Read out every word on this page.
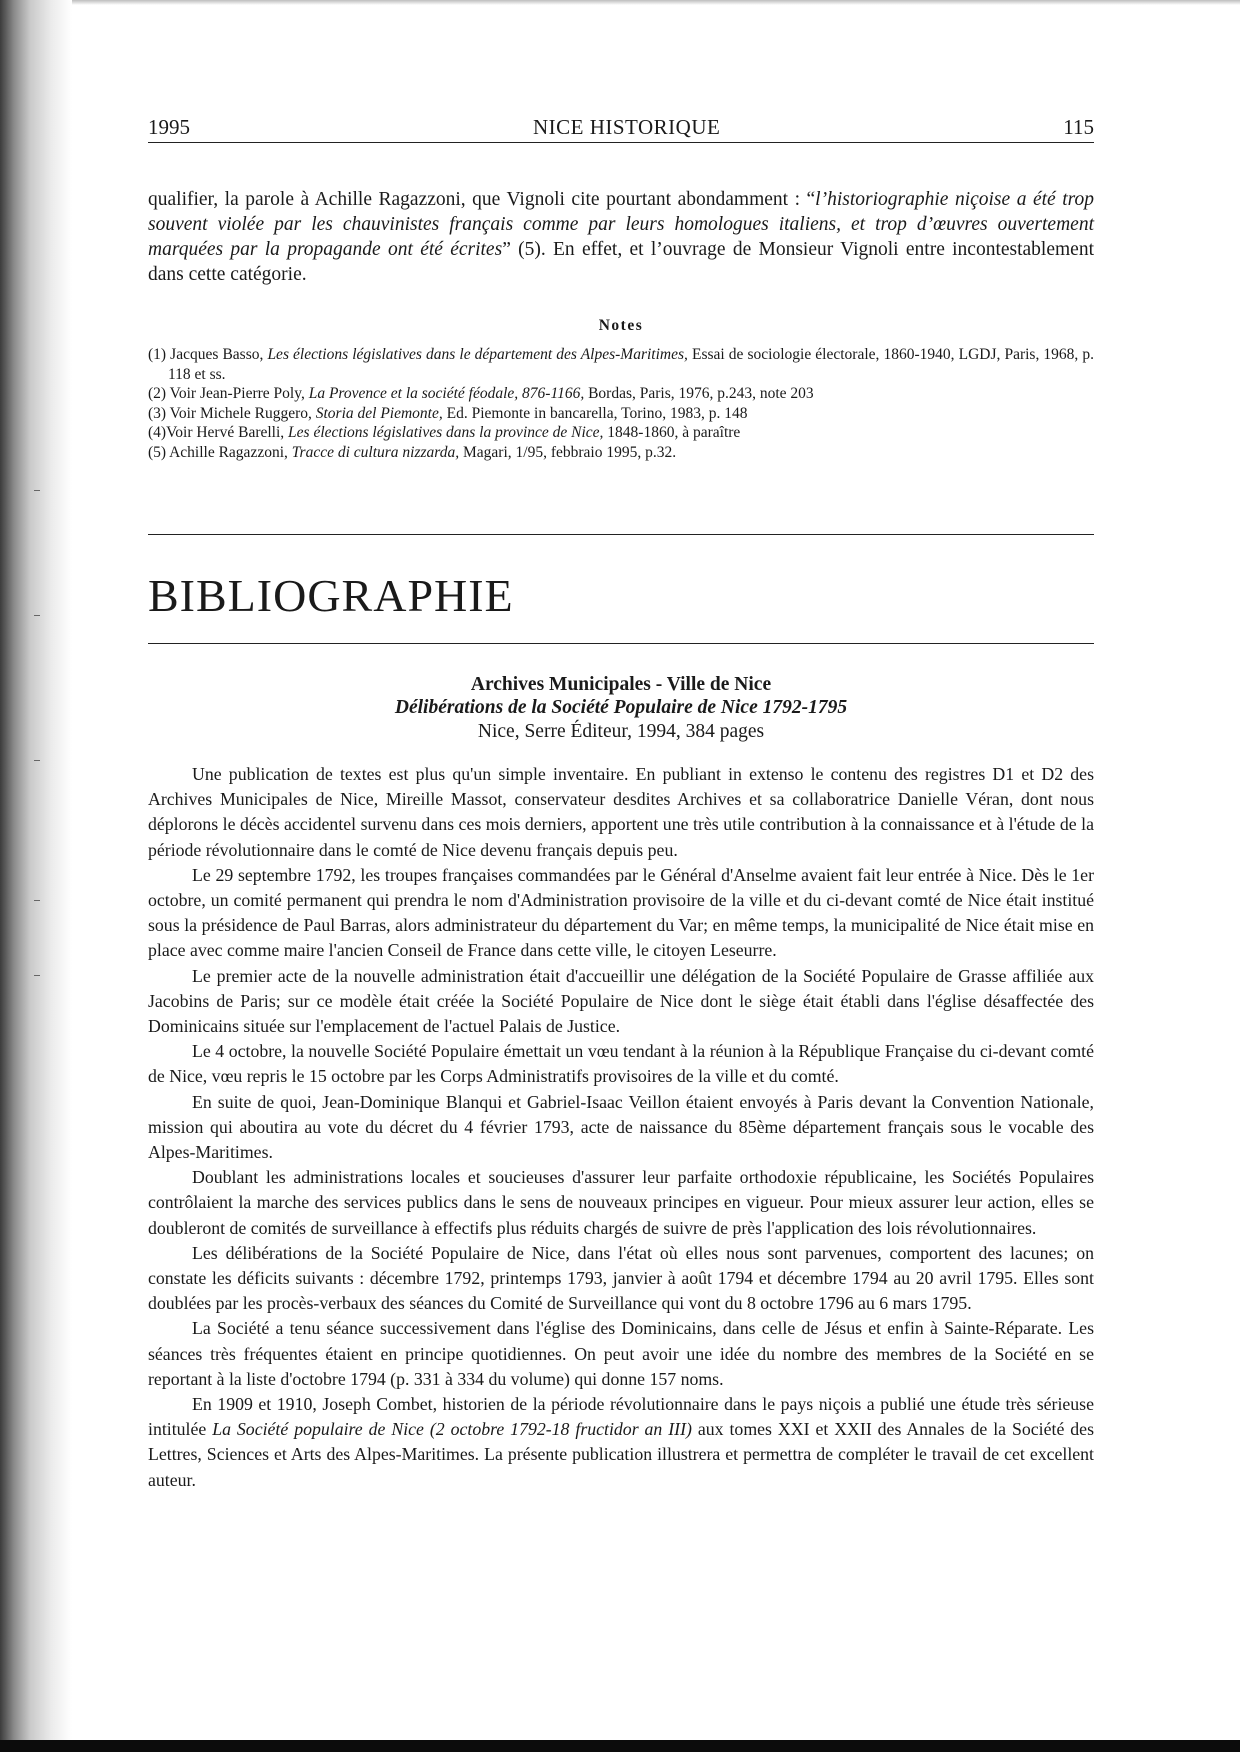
1995	NICE HISTORIQUE	115

qualifier, la parole à Achille Ragazzoni, que Vignoli cite pourtant abondamment : “l’historiographie niçoise a été trop souvent violée par les chauvinistes français comme par leurs homologues italiens, et trop d’œuvres ouvertement marquées par la propagande ont été écrites” (5). En effet, et l’ouvrage de Monsieur Vignoli entre incontestablement dans cette catégorie.

Notes
(1) Jacques Basso, Les élections législatives dans le département des Alpes-Maritimes, Essai de sociologie électorale, 1860-1940, LGDJ, Paris, 1968, p. 118 et ss.
(2) Voir Jean-Pierre Poly, La Provence et la société féodale, 876-1166, Bordas, Paris, 1976, p.243, note 203
(3) Voir Michele Ruggero, Storia del Piemonte, Ed. Piemonte in bancarella, Torino, 1983, p. 148
(4)Voir Hervé Barelli, Les élections législatives dans la province de Nice, 1848-1860, à paraître
(5) Achille Ragazzoni, Tracce di cultura nizzarda, Magari, 1/95, febbraio 1995, p.32.
BIBLIOGRAPHIE
Archives Municipales - Ville de Nice
Délibérations de la Société Populaire de Nice 1792-1795
Nice, Serre Éditeur, 1994, 384 pages

Une publication de textes est plus qu'un simple inventaire. En publiant in extenso le contenu des registres D1 et D2 des Archives Municipales de Nice, Mireille Massot, conservateur desdites Archives et sa collaboratrice Danielle Véran, dont nous déplorons le décès accidentel survenu dans ces mois derniers, apportent une très utile contribution à la connaissance et à l'étude de la période révolutionnaire dans le comté de Nice devenu français depuis peu.

Le 29 septembre 1792, les troupes françaises commandées par le Général d'Anselme avaient fait leur entrée à Nice. Dès le 1er octobre, un comité permanent qui prendra le nom d'Administration provisoire de la ville et du ci-devant comté de Nice était institué sous la présidence de Paul Barras, alors administrateur du département du Var; en même temps, la municipalité de Nice était mise en place avec comme maire l'ancien Conseil de France dans cette ville, le citoyen Leseurre.

Le premier acte de la nouvelle administration était d'accueillir une délégation de la Société Populaire de Grasse affiliée aux Jacobins de Paris; sur ce modèle était créée la Société Populaire de Nice dont le siège était établi dans l'église désaffectée des Dominicains située sur l'emplacement de l'actuel Palais de Justice.

Le 4 octobre, la nouvelle Société Populaire émettait un vœu tendant à la réunion à la République Française du ci-devant comté de Nice, vœu repris le 15 octobre par les Corps Administratifs provisoires de la ville et du comté.

En suite de quoi, Jean-Dominique Blanqui et Gabriel-Isaac Veillon étaient envoyés à Paris devant la Convention Nationale, mission qui aboutira au vote du décret du 4 février 1793, acte de naissance du 85ème département français sous le vocable des Alpes-Maritimes.

Doublant les administrations locales et soucieuses d'assurer leur parfaite orthodoxie républicaine, les Sociétés Populaires contrôlaient la marche des services publics dans le sens de nouveaux principes en vigueur. Pour mieux assurer leur action, elles se doubleront de comités de surveillance à effectifs plus réduits chargés de suivre de près l'application des lois révolutionnaires.

Les délibérations de la Société Populaire de Nice, dans l'état où elles nous sont parvenues, comportent des lacunes; on constate les déficits suivants : décembre 1792, printemps 1793, janvier à août 1794 et décembre 1794 au 20 avril 1795. Elles sont doublées par les procès-verbaux des séances du Comité de Surveillance qui vont du 8 octobre 1796 au 6 mars 1795.

La Société a tenu séance successivement dans l'église des Dominicains, dans celle de Jésus et enfin à Sainte-Réparate. Les séances très fréquentes étaient en principe quotidiennes. On peut avoir une idée du nombre des membres de la Société en se reportant à la liste d'octobre 1794 (p. 331 à 334 du volume) qui donne 157 noms.

En 1909 et 1910, Joseph Combet, historien de la période révolutionnaire dans le pays niçois a publié une étude très sérieuse intitulée La Société populaire de Nice (2 octobre 1792-18 fructidor an III) aux tomes XXI et XXII des Annales de la Société des Lettres, Sciences et Arts des Alpes-Maritimes. La présente publication illustrera et permettra de compléter le travail de cet excellent auteur.
